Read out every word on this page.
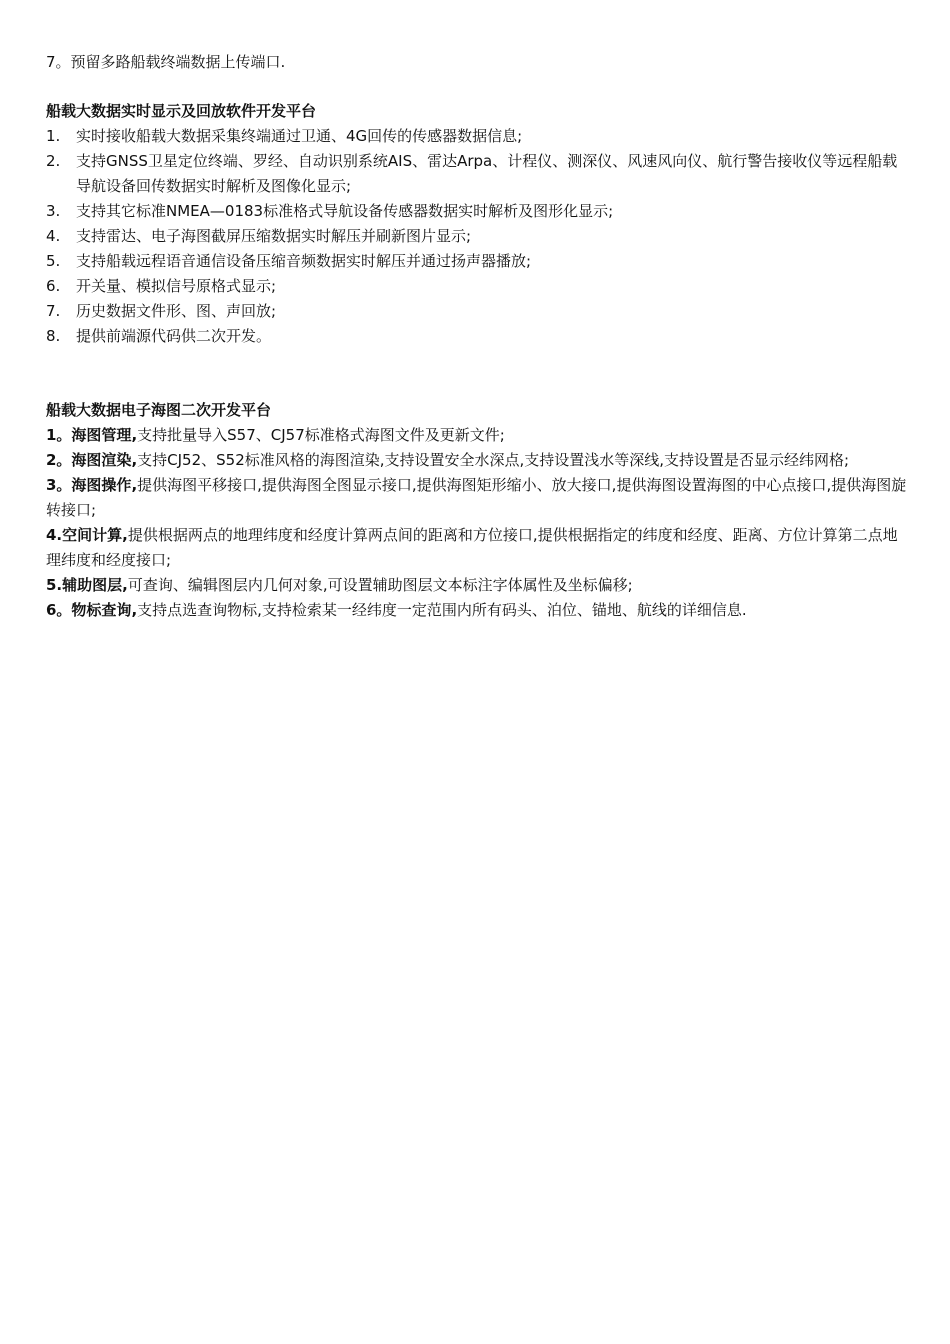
7。预留多路船载终端数据上传端口.
船载大数据实时显示及回放软件开发平台
1.	实时接收船载大数据采集终端通过卫通、4G回传的传感器数据信息;
2.	支持GNSS卫星定位终端、罗经、自动识别系统AIS、雷达Arpa、计程仪、测深仪、风速风向仪、航行警告接收仪等远程船载导航设备回传数据实时解析及图像化显示;
3.	支持其它标准NMEA—0183标准格式导航设备传感器数据实时解析及图形化显示;
4.	支持雷达、电子海图截屏压缩数据实时解压并刷新图片显示;
5.	支持船载远程语音通信设备压缩音频数据实时解压并通过扬声器播放;
6.	开关量、模拟信号原格式显示;
7.	历史数据文件形、图、声回放;
8.	提供前端源代码供二次开发。
船载大数据电子海图二次开发平台
1。海图管理,支持批量导入S57、CJ57标准格式海图文件及更新文件;
2。海图渲染,支持CJ52、S52标准风格的海图渲染,支持设置安全水深点,支持设置浅水等深线,支持设置是否显示经纬网格;
3。海图操作,提供海图平移接口,提供海图全图显示接口,提供海图矩形缩小、放大接口,提供海图设置海图的中心点接口,提供海图旋转接口;
4.空间计算,提供根据两点的地理纬度和经度计算两点间的距离和方位接口,提供根据指定的纬度和经度、距离、方位计算第二点地理纬度和经度接口;
5.辅助图层,可查询、编辑图层内几何对象,可设置辅助图层文本标注字体属性及坐标偏移;
6。物标查询,支持点选查询物标,支持检索某一经纬度一定范围内所有码头、泊位、锚地、航线的详细信息.
